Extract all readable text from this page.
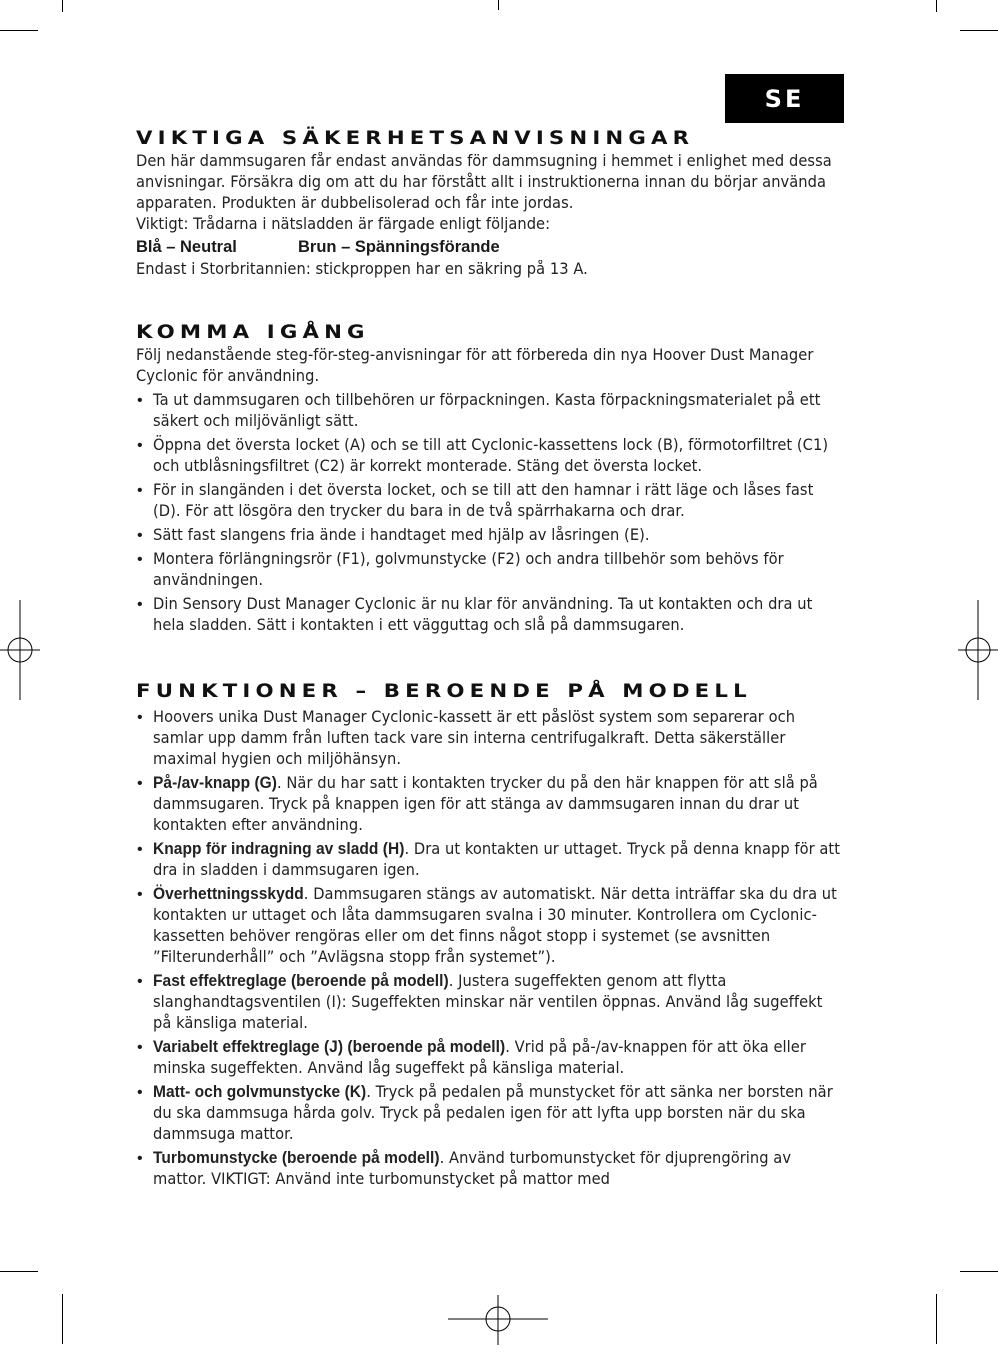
SE
VIKTIGA SÄKERHETSANVISNINGAR

Den här dammsugaren får endast användas för dammsugning i hemmet i enlighet med dessa anvisningar. Försäkra dig om att du har förstått allt i instruktionerna innan du börjar använda apparaten. Produkten är dubbelisolerad och får inte jordas.

Viktigt: Trådarna i nätsladden är färgade enligt följande:

Blå – Neutral	Brun – Spänningsförande

Endast i Storbritannien: stickproppen har en säkring på 13 A.

KOMMA IGÅNG

Följ nedanstående steg-för-steg-anvisningar för att förbereda din nya Hoover Dust Manager Cyclonic för användning.

• Ta ut dammsugaren och tillbehören ur förpackningen. Kasta förpackningsmaterialet på ett säkert och miljövänligt sätt.

• Öppna det översta locket (A) och se till att Cyclonic-kassettens lock (B), förmotorfiltret (C1) och utblåsningsfiltret (C2) är korrekt monterade. Stäng det översta locket.

• För in slangänden i det översta locket, och se till att den hamnar i rätt läge och låses fast (D). För att lösgöra den trycker du bara in de två spärrhakarna och drar.

• Sätt fast slangens fria ände i handtaget med hjälp av låsringen (E).

• Montera förlängningsrör (F1), golvmunstycke (F2) och andra tillbehör som behövs för användningen.

• Din Sensory Dust Manager Cyclonic är nu klar för användning. Ta ut kontakten och dra ut hela sladden. Sätt i kontakten i ett vägguttag och slå på dammsugaren.

FUNKTIONER – BEROENDE PÅ MODELL

• Hoovers unika Dust Manager Cyclonic-kassett är ett påslöst system som separerar och samlar upp damm från luften tack vare sin interna centrifugalkraft. Detta säkerställer maximal hygien och miljöhänsyn.

• På-/av-knapp (G). När du har satt i kontakten trycker du på den här knappen för att slå på dammsugaren. Tryck på knappen igen för att stänga av dammsugaren innan du drar ut kontakten efter användning.

• Knapp för indragning av sladd (H). Dra ut kontakten ur uttaget. Tryck på denna knapp för att dra in sladden i dammsugaren igen.

• Överhettningsskydd. Dammsugaren stängs av automatiskt. När detta inträffar ska du dra ut kontakten ur uttaget och låta dammsugaren svalna i 30 minuter. Kontrollera om Cyclonic-kassetten behöver rengöras eller om det finns något stopp i systemet (se avsnitten ”Filterunderhåll” och ”Avlägsna stopp från systemet”).

• Fast effektreglage (beroende på modell). Justera sugeffekten genom att flytta slanghandtagsventilen (I): Sugeffekten minskar när ventilen öppnas. Använd låg sugeffekt på känsliga material.

• Variabelt effektreglage (J) (beroende på modell). Vrid på på-/av-knappen för att öka eller minska sugeffekten. Använd låg sugeffekt på känsliga material.

• Matt- och golvmunstycke (K). Tryck på pedalen på munstycket för att sänka ner borsten när du ska dammsuga hårda golv. Tryck på pedalen igen för att lyfta upp borsten när du ska dammsuga mattor.

• Turbomunstycke (beroende på modell). Använd turbomunstycket för djuprengöring av mattor. VIKTIGT: Använd inte turbomunstycket på mattor med
